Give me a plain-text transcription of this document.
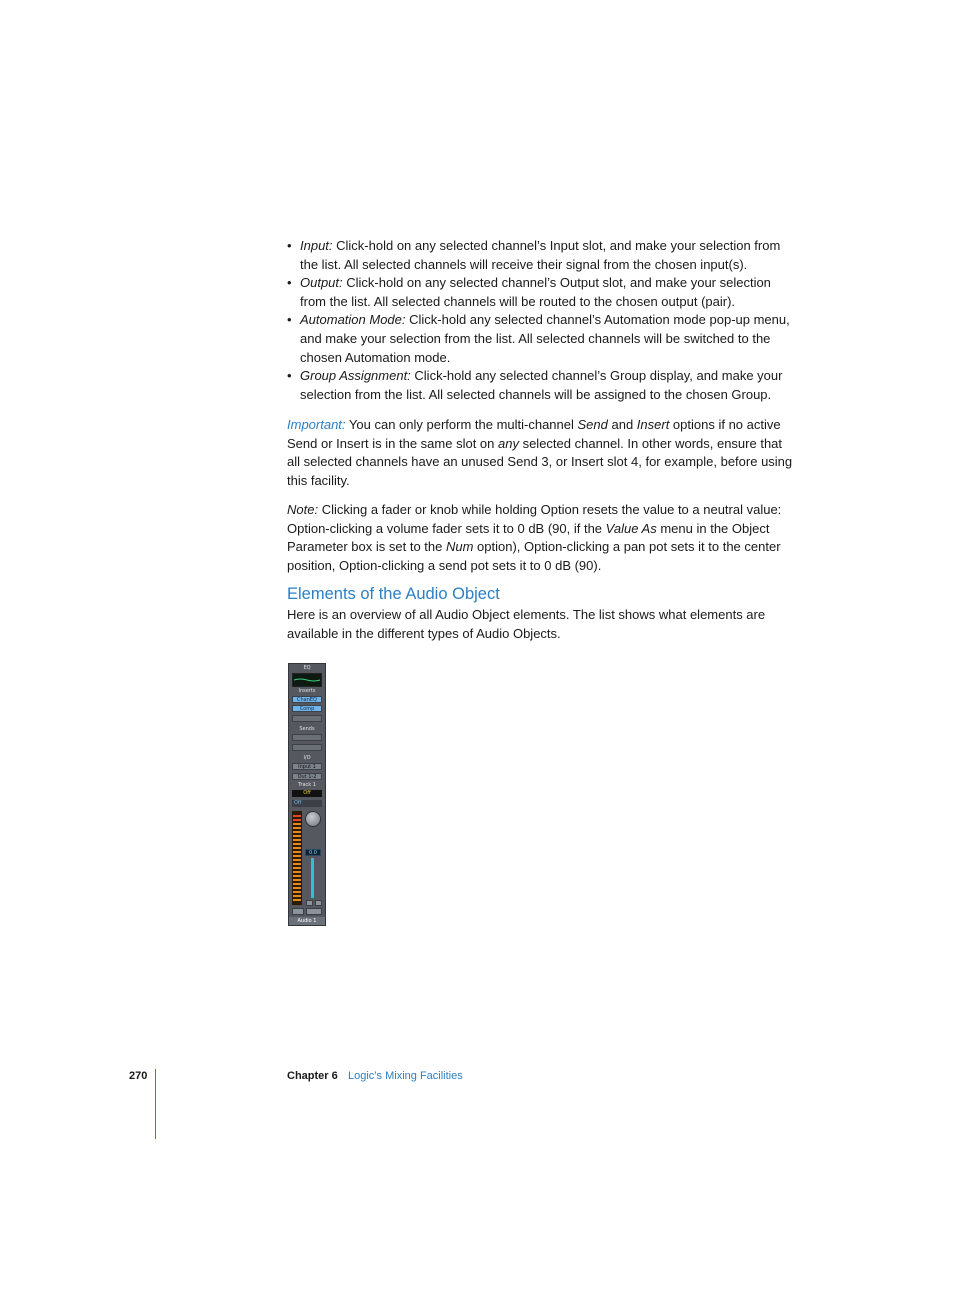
• Input: Click-hold on any selected channel’s Input slot, and make your selection from the list. All selected channels will receive their signal from the chosen input(s).
• Output: Click-hold on any selected channel’s Output slot, and make your selection from the list. All selected channels will be routed to the chosen output (pair).
• Automation Mode: Click-hold any selected channel’s Automation mode pop-up menu, and make your selection from the list. All selected channels will be switched to the chosen Automation mode.
• Group Assignment: Click-hold any selected channel’s Group display, and make your selection from the list. All selected channels will be assigned to the chosen Group.

Important: You can only perform the multi-channel Send and Insert options if no active Send or Insert is in the same slot on any selected channel. In other words, ensure that all selected channels have an unused Send 3, or Insert slot 4, for example, before using this facility.

Note: Clicking a fader or knob while holding Option resets the value to a neutral value: Option-clicking a volume fader sets it to 0 dB (90, if the Value As menu in the Object Parameter box is set to the Num option), Option-clicking a pan pot sets it to the center position, Option-clicking a send pot sets it to 0 dB (90).

Elements of the Audio Object

Here is an overview of all Audio Object elements. The list shows what elements are available in the different types of Audio Objects.

EQ
Inserts
ChanEQ
Comp
Sends
I/O
Input 1
Out 1-2
Track 1
Off
Off
0.0
Audio 1
270	Chapter 6 Logic’s Mixing Facilities
